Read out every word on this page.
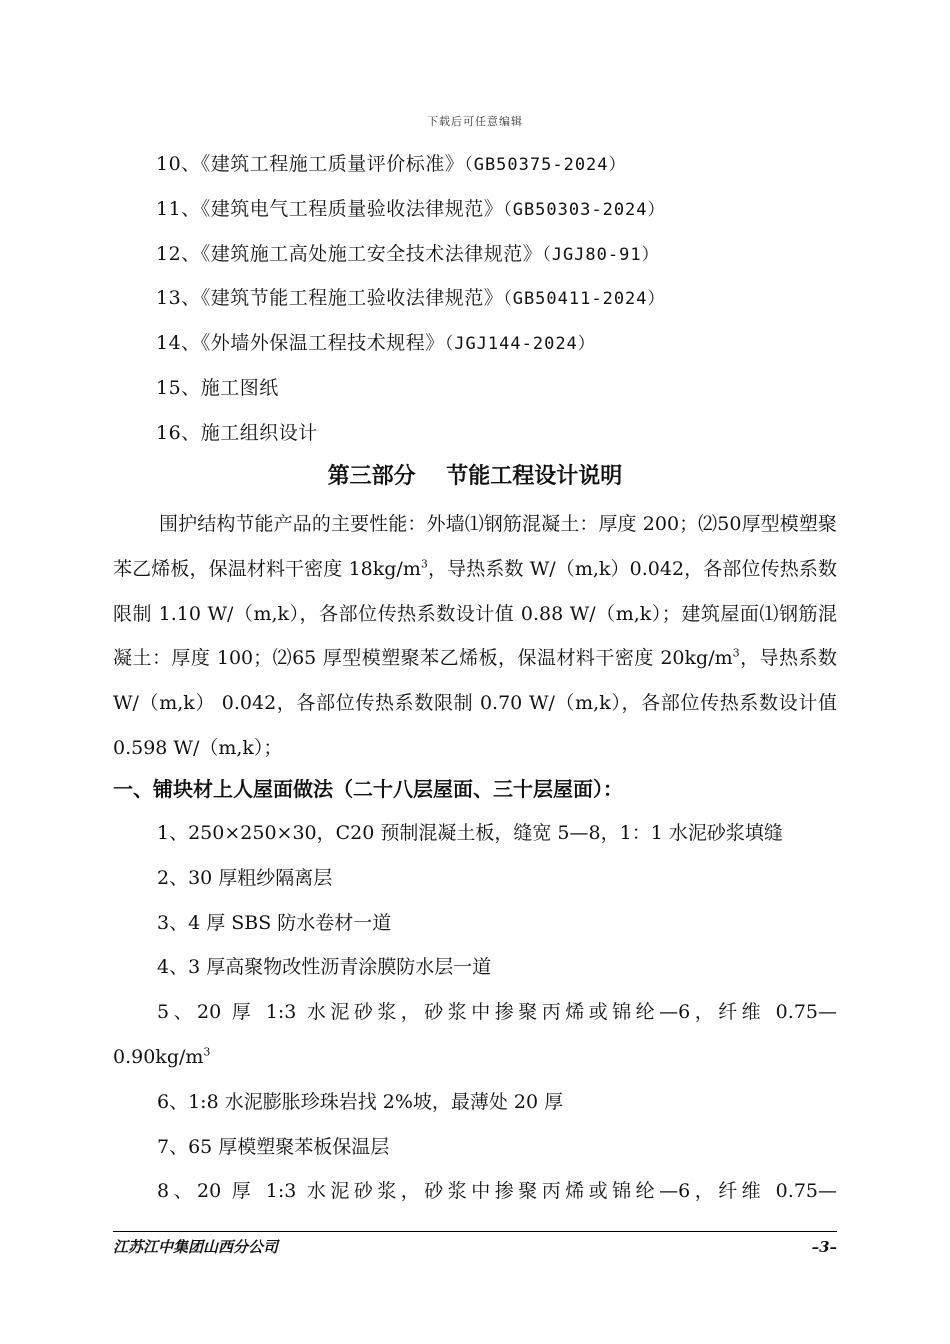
下载后可任意编辑
10、《建筑工程施工质量评价标准》（GB50375-2024）
11、《建筑电气工程质量验收法律规范》（GB50303-2024）
12、《建筑施工高处施工安全技术法律规范》（JGJ80-91）
13、《建筑节能工程施工验收法律规范》（GB50411-2024）
14、《外墙外保温工程技术规程》（JGJ144-2024）
15、施工图纸
16、施工组织设计
第三部分    节能工程设计说明

围护结构节能产品的主要性能：外墙⑴钢筋混凝土：厚度 200；⑵50厚型模塑聚苯乙烯板，保温材料干密度 $18kg/m^3$，导热系数 W/（m,k）0.042，各部位传热系数限制 1.10 W/（m,k），各部位传热系数设计值 0.88 W/（m,k）；建筑屋面⑴钢筋混凝土：厚度 100；⑵65 厚型模塑聚苯乙烯板，保温材料干密度 $20kg/m^3$，导热系数 W/（m,k） 0.042，各部位传热系数限制 0.70 W/（m,k），各部位传热系数设计值 0.598 W/（m,k）；

一、铺块材上人屋面做法（二十八层屋面、三十层屋面）：

1、250×250×30，C20 预制混凝土板，缝宽 5—8，1：1 水泥砂浆填缝

2、30 厚粗纱隔离层

3、4 厚 SBS 防水卷材一道

4、3 厚高聚物改性沥青涂膜防水层一道

5、20 厚 1:3 水泥砂浆，砂浆中掺聚丙烯或锦纶—6，纤维 0.75—

$0.90kg/m^3$

6、1:8 水泥膨胀珍珠岩找 2%坡，最薄处 20 厚

7、65 厚模塑聚苯板保温层

8、20 厚 1:3 水泥砂浆，砂浆中掺聚丙烯或锦纶—6，纤维 0.75—

江苏江中集团山西分公司	–3–
